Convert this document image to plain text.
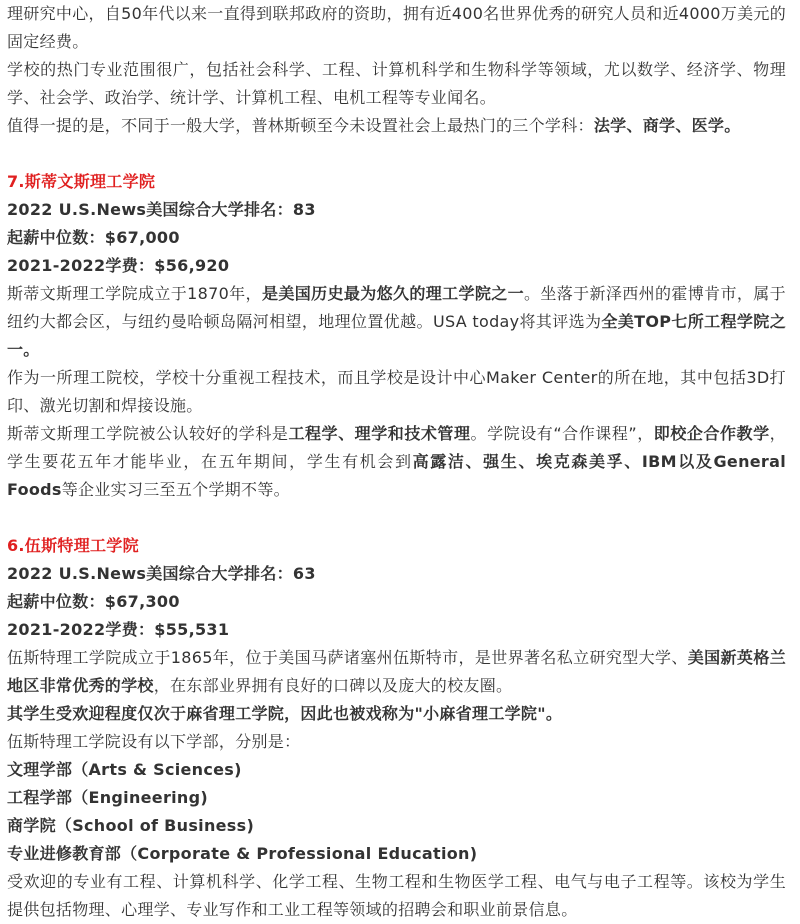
理研究中心，自50年代以来一直得到联邦政府的资助，拥有近400名世界优秀的研究人员和近4000万美元的固定经费。

学校的热门专业范围很广，包括社会科学、工程、计算机科学和生物科学等领域，尤以数学、经济学、物理学、社会学、政治学、统计学、计算机工程、电机工程等专业闻名。

值得一提的是，不同于一般大学，普林斯顿至今未设置社会上最热门的三个学科：法学、商学、医学。

7.斯蒂文斯理工学院

2022 U.S.News美国综合大学排名：83

起薪中位数：$67,000

2021-2022学费：$56,920

斯蒂文斯理工学院成立于1870年，是美国历史最为悠久的理工学院之一。坐落于新泽西州的霍博肯市，属于纽约大都会区，与纽约曼哈顿岛隔河相望，地理位置优越。USA today将其评选为全美TOP七所工程学院之一。

作为一所理工院校，学校十分重视工程技术，而且学校是设计中心Maker Center的所在地，其中包括3D打印、激光切割和焊接设施。

斯蒂文斯理工学院被公认较好的学科是工程学、理学和技术管理。学院设有“合作课程”，即校企合作教学，学生要花五年才能毕业，在五年期间，学生有机会到高露洁、强生、埃克森美孚、IBM以及General Foods等企业实习三至五个学期不等。

6.伍斯特理工学院

2022 U.S.News美国综合大学排名：63

起薪中位数：$67,300

2021-2022学费：$55,531

伍斯特理工学院成立于1865年，位于美国马萨诸塞州伍斯特市，是世界著名私立研究型大学、美国新英格兰地区非常优秀的学校，在东部业界拥有良好的口碑以及庞大的校友圈。

其学生受欢迎程度仅次于麻省理工学院，因此也被戏称为"小麻省理工学院"。

伍斯特理工学院设有以下学部，分别是：

文理学部（Arts & Sciences)

工程学部（Engineering)

商学院（School of Business)

专业进修教育部（Corporate & Professional Education)

受欢迎的专业有工程、计算机科学、化学工程、生物工程和生物医学工程、电气与电子工程等。该校为学生提供包括物理、心理学、专业写作和工业工程等领域的招聘会和职业前景信息。
